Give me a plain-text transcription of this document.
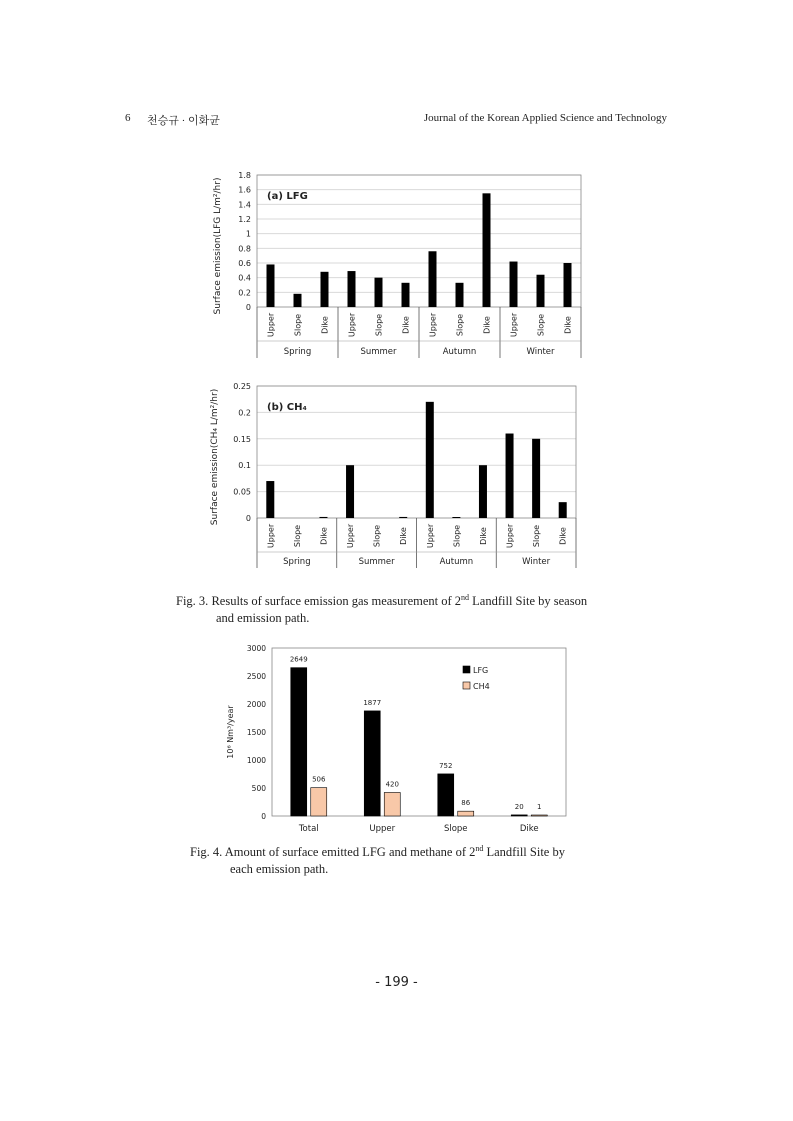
6 천승규 · 이화균	Journal of the Korean Applied Science and Technology
0
0.2
0.4
0.6
0.8
1
1.2
1.4
1.6
1.8
(a) LFG
Surface emission(LFG L/m²/hr)
Upper Slope Dike Upper Slope Dike Upper Slope Dike Upper Slope Dike
Spring	Summer	Autumn	Winter
0
0.05
0.1
0.15
0.2
0.25
(b) CH₄
Surface emission(CH₄ L/m²/hr)
Upper Slope Dike Upper Slope Dike Upper Slope Dike Upper Slope Dike
Spring	Summer	Autumn	Winter
Fig. 3. Results of surface emission gas measurement of 2nd Landfill Site by season
and emission path.
0
500
1000
1500
2000
2500
3000
10⁶ Nm³/year
2649
506
Total
1877
420
Upper
752
86
Slope
20 1
Dike
LFG
CH4
Fig. 4. Amount of surface emitted LFG and methane of 2nd Landfill Site by
each emission path.
- 199 -
